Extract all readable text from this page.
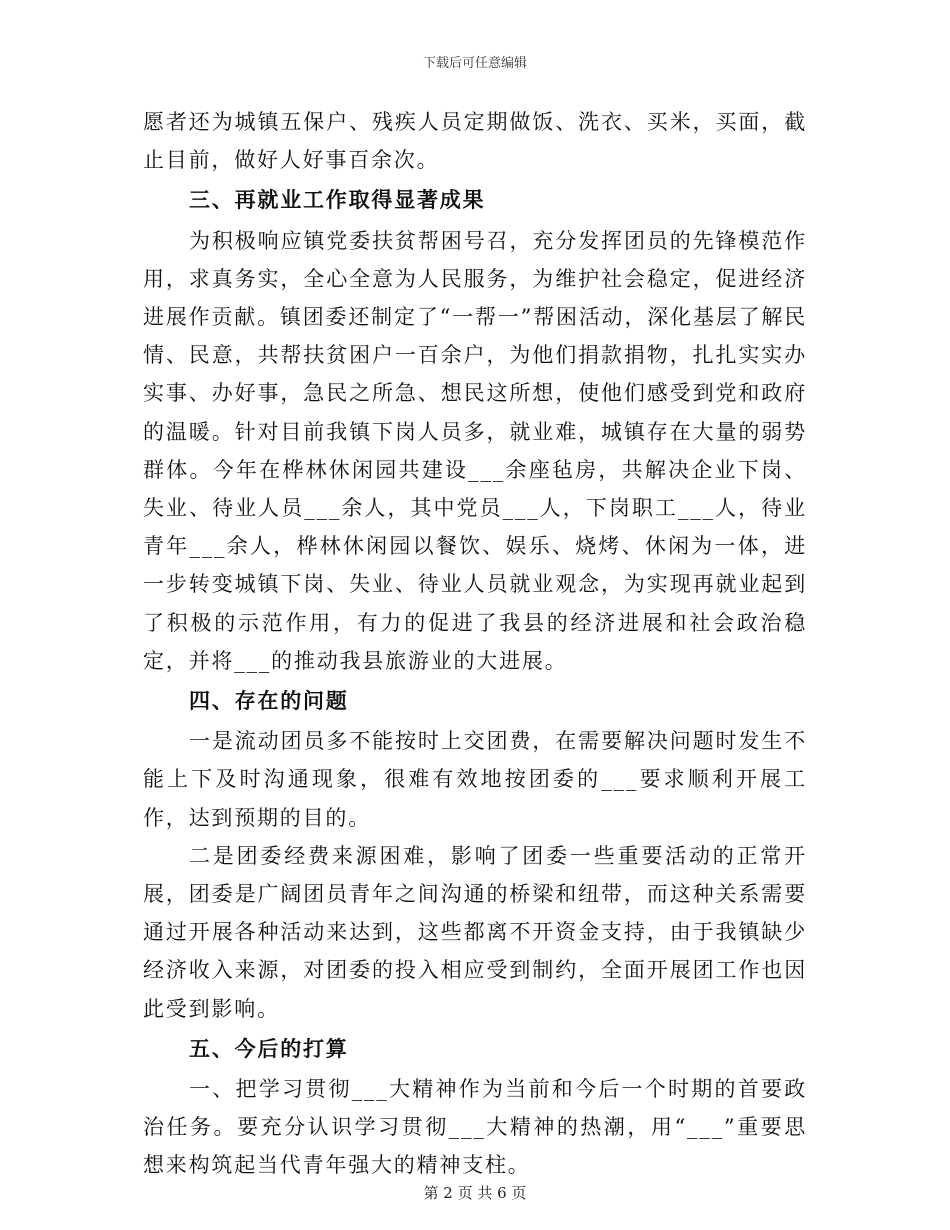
下载后可任意编辑

愿者还为城镇五保户、残疾人员定期做饭、洗衣、买米，买面，截止目前，做好人好事百余次。

三、再就业工作取得显著成果

为积极响应镇党委扶贫帮困号召，充分发挥团员的先锋模范作用，求真务实，全心全意为人民服务，为维护社会稳定，促进经济进展作贡献。镇团委还制定了“一帮一”帮困活动，深化基层了解民情、民意，共帮扶贫困户一百余户，为他们捐款捐物，扎扎实实办实事、办好事，急民之所急、想民这所想，使他们感受到党和政府的温暖。针对目前我镇下岗人员多，就业难，城镇存在大量的弱势群体。今年在桦林休闲园共建设___余座毡房，共解决企业下岗、失业、待业人员___余人，其中党员___人，下岗职工___人，待业青年___余人，桦林休闲园以餐饮、娱乐、烧烤、休闲为一体，进一步转变城镇下岗、失业、待业人员就业观念，为实现再就业起到了积极的示范作用，有力的促进了我县的经济进展和社会政治稳定，并将___的推动我县旅游业的大进展。

四、存在的问题

一是流动团员多不能按时上交团费，在需要解决问题时发生不能上下及时沟通现象，很难有效地按团委的___要求顺利开展工作，达到预期的目的。

二是团委经费来源困难，影响了团委一些重要活动的正常开展，团委是广阔团员青年之间沟通的桥梁和纽带，而这种关系需要通过开展各种活动来达到，这些都离不开资金支持，由于我镇缺少经济收入来源，对团委的投入相应受到制约，全面开展团工作也因此受到影响。

五、今后的打算

一、把学习贯彻___大精神作为当前和今后一个时期的首要政治任务。要充分认识学习贯彻___大精神的热潮，用“___”重要思想来构筑起当代青年强大的精神支柱。

第 2 页 共 6 页
